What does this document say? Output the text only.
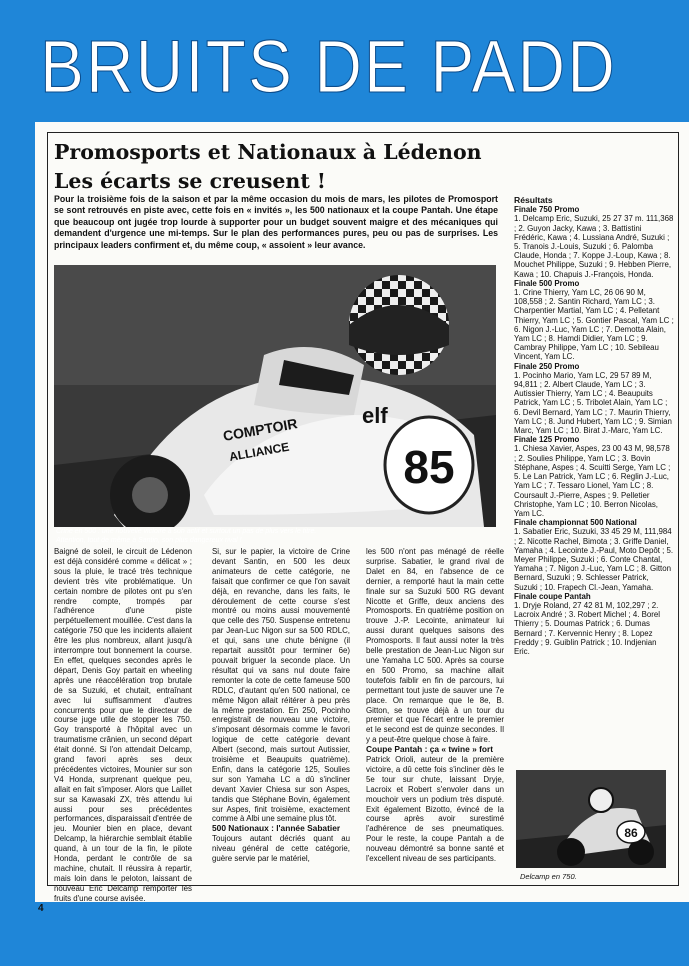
BRUITS DE PADD
Promosports et Nationaux à Lédenon
Les écarts se creusent !
Pour la troisième fois de la saison et par la même occasion du mois de mars, les pilotes de Promosport se sont retrouvés en piste avec, cette fois en « invités », les 500 nationaux et la coupe Pantah. Une étape que beaucoup ont jugée trop lourde à supporter pour un budget souvent maigre et des mécaniques qui demandent d'urgence une mi-temps. Sur le plan des performances pures, peu ou pas de surprises. Les principaux leaders confirment et, du même coup, « assoient » leur avance.
85
elf
COMPTOIR
ALLIANCE
Crine en 500 : une nouvelle victoire à son actif et surtout un pas de plus vers le titre.
Attention, tout de même à Santin, son plus dangereux rival !

Baigné de soleil, le circuit de Lédenon est déjà considéré comme « délicat » ; sous la pluie, le tracé très technique devient très vite problématique. Un certain nombre de pilotes ont pu s'en rendre compte, trompés par l'adhérence d'une piste perpétuellement mouillée. C'est dans la catégorie 750 que les incidents allaient être les plus nombreux, allant jusqu'à interrompre tout bonnement la course. En effet, quelques secondes après le départ, Denis Goy partait en wheeling après une réaccélération trop brutale de sa Suzuki, et chutait, entraînant avec lui suffisamment d'autres concurrents pour que le directeur de course juge utile de stopper les 750. Goy transporté à l'hôpital avec un traumatisme crânien, un second départ était donné. Si l'on attendait Delcamp, grand favori après ses deux précédentes victoires, Mounier sur son V4 Honda, surprenant quelque peu, allait en fait s'imposer. Alors que Laillet sur sa Kawasaki ZX, très attendu lui aussi pour ses précédentes performances, disparaissait d'entrée de jeu. Mounier bien en place, devant Delcamp, la hiérarchie semblait établie quand, à un tour de la fin, le pilote Honda, perdant le contrôle de sa machine, chutait. Il réussira à repartir, mais loin dans le peloton, laissant de nouveau Eric Delcamp remporter les fruits d'une course avisée.

Si, sur le papier, la victoire de Crine devant Santin, en 500 les deux animateurs de cette catégorie, ne faisait que confirmer ce que l'on savait déjà, en revanche, dans les faits, le déroulement de cette course s'est montré ou moins aussi mouvementé que celle des 750. Suspense entretenu par Jean-Luc Nigon sur sa 500 RDLC, et qui, sans une chute bénigne (il repartait aussitôt pour terminer 6e) pouvait briguer la seconde place. Un résultat qui va sans nul doute faire remonter la cote de cette fameuse 500 RDLC, d'autant qu'en 500 national, ce même Nigon allait réitérer à peu près la même prestation. En 250, Pocinho enregistrait de nouveau une victoire, s'imposant désormais comme le favori logique de cette catégorie devant Albert (second, mais surtout Autissier, troisième et Beaupuits quatrième). Enfin, dans la catégorie 125, Soulies sur son Yamaha LC a dû s'incliner devant Xavier Chiesa sur son Aspes, tandis que Stéphane Bovin, également sur Aspes, finit troisième, exactement comme à Albi une semaine plus tôt.

500 Nationaux : l'année Sabatier

Toujours autant décriés quant au niveau général de cette catégorie, guère servie par le matériel,

les 500 n'ont pas ménagé de réelle surprise. Sabatier, le grand rival de Dalet en 84, en l'absence de ce dernier, a remporté haut la main cette finale sur sa Suzuki 500 RG devant Nicotte et Griffe, deux anciens des Promosports. En quatrième position on trouve J.-P. Lecointe, animateur lui aussi durant quelques saisons des Promosports. Il faut aussi noter la très belle prestation de Jean-Luc Nigon sur une Yamaha LC 500. Après sa course en 500 Promo, sa machine allait toutefois faiblir en fin de parcours, lui permettant tout juste de sauver une 7e place. On remarque que le 8e, B. Gitton, se trouve déjà à un tour du premier et que l'écart entre le premier et le second est de quinze secondes. Il y a peut-être quelque chose à faire.

Coupe Pantah : ça « twine » fort

Patrick Orioli, auteur de la première victoire, a dû cette fois s'incliner dès le 5e tour sur chute, laissant Dryje, Lacroix et Robert s'envoler dans un mouchoir vers un podium très disputé. Exit également Bizotto, évincé de la course après avoir surestimé l'adhérence de ses pneumatiques. Pour le reste, la coupe Pantah a de nouveau démontré sa bonne santé et l'excellent niveau de ses participants.

Résultats

Finale 750 Promo

1. Delcamp Eric, Suzuki, 25 27 37 m. 111,368 ; 2. Guyon Jacky, Kawa ; 3. Battistini Frédéric, Kawa ; 4. Lussiana André, Suzuki ; 5. Tranois J.-Louis, Suzuki ; 6. Palomba Claude, Honda ; 7. Koppe J.-Loup, Kawa ; 8. Mouchet Philippe, Suzuki ; 9. Hebben Pierre, Kawa ; 10. Chapuis J.-François, Honda.

Finale 500 Promo

1. Crine Thierry, Yam LC, 26 06 90 M, 108,558 ; 2. Santin Richard, Yam LC ; 3. Charpentier Martial, Yam LC ; 4. Pelletant Thierry, Yam LC ; 5. Gontier Pascal, Yam LC ; 6. Nigon J.-Luc, Yam LC ; 7. Demotta Alain, Yam LC ; 8. Hamdi Didier, Yam LC ; 9. Cambray Philippe, Yam LC ; 10. Sebileau Vincent, Yam LC.

Finale 250 Promo

1. Pocinho Mario, Yam LC, 29 57 89 M, 94,811 ; 2. Albert Claude, Yam LC ; 3. Autissier Thierry, Yam LC ; 4. Beaupuits Patrick, Yam LC ; 5. Tribolet Alain, Yam LC ; 6. Devil Bernard, Yam LC ; 7. Maurin Thierry, Yam LC ; 8. Jund Hubert, Yam LC ; 9. Simian Marc, Yam LC ; 10. Birat J.-Marc, Yam LC.

Finale 125 Promo

1. Chiesa Xavier, Aspes, 23 00 43 M, 98,578 ; 2. Soulies Philippe, Yam LC ; 3. Bovin Stéphane, Aspes ; 4. Scuitti Serge, Yam LC ; 5. Le Lan Patrick, Yam LC ; 6. Reglin J.-Luc, Yam LC ; 7. Tessaro Lionel, Yam LC ; 8. Coursault J.-Pierre, Aspes ; 9. Pelletier Christophe, Yam LC ; 10. Berron Nicolas, Yam LC.

Finale championnat 500 National

1. Sabatier Eric, Suzuki, 33 45 29 M, 111,984 ; 2. Nicotte Rachel, Bimota ; 3. Griffe Daniel, Yamaha ; 4. Lecointe J.-Paul, Moto Depôt ; 5. Meyer Philippe, Suzuki ; 6. Conte Chantal, Yamaha ; 7. Nigon J.-Luc, Yam LC ; 8. Gitton Bernard, Suzuki ; 9. Schlesser Patrick, Suzuki ; 10. Frapech Cl.-Jean, Yamaha.

Finale coupe Pantah

1. Dryje Roland, 27 42 81 M, 102,297 ; 2. Lacroix André ; 3. Robert Michel ; 4. Borel Thierry ; 5. Doumas Patrick ; 6. Dumas Bernard ; 7. Kervennic Henry ; 8. Lopez Freddy ; 9. Guiblin Patrick ; 10. Indjenian Eric.

86
Delcamp en 750.
4
